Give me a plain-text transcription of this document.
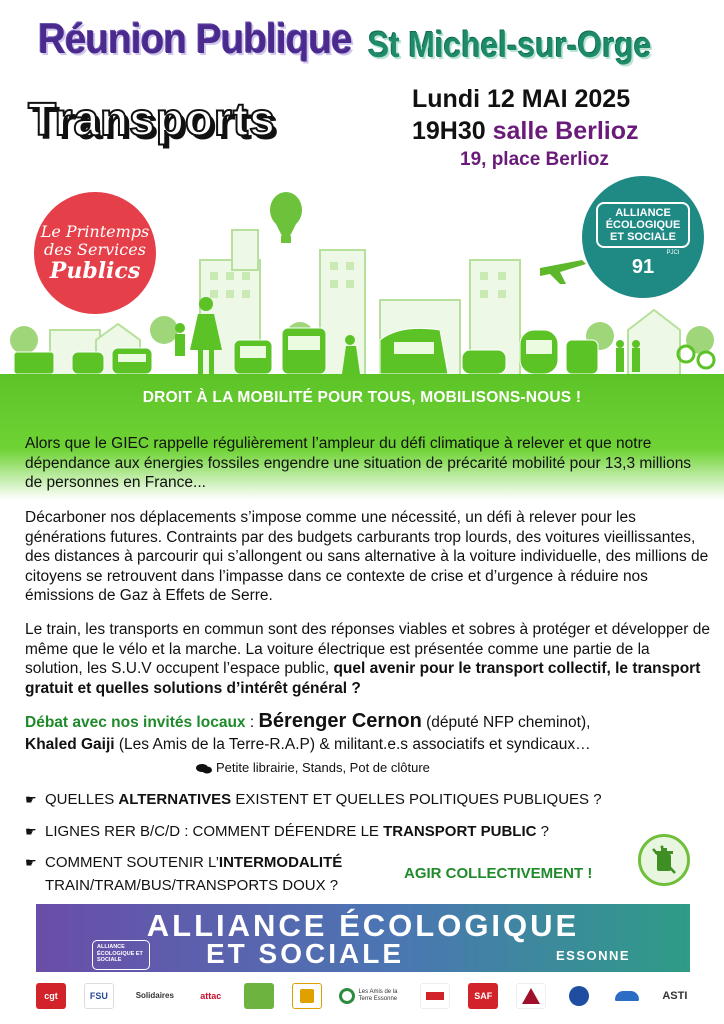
Réunion Publique
Transports
St Michel-sur-Orge
Lundi 12 MAI 2025
19H30 salle Berlioz
19, place Berlioz
Le Printemps
des Services
Publics
ALLIANCE
ÉCOLOGIQUE
ET SOCIALE
PJCI
91
DROIT À LA MOBILITÉ POUR TOUS, MOBILISONS-NOUS !

Alors que le GIEC rappelle régulièrement l’ampleur du défi climatique à relever et que notre dépendance aux énergies fossiles engendre une situation de précarité mobilité pour 13,3 millions de personnes en France...

Décarboner nos déplacements s’impose comme une nécessité, un défi à relever pour les générations futures. Contraints par des budgets carburants trop lourds, des voitures vieillissantes, des distances à parcourir qui s’allongent ou sans alternative à la voiture individuelle, des millions de citoyens se retrouvent dans l’impasse dans ce contexte de crise et d’urgence à réduire nos émissions de Gaz à Effets de Serre.

Le train, les transports en commun sont des réponses viables et sobres à protéger et développer de même que le vélo et la marche. La voiture électrique est présentée comme une partie de la solution, les S.U.V occupent l’espace public, quel avenir pour le transport collectif, le transport gratuit et quelles solutions d’intérêt général ?

Débat avec nos invités locaux : Bérenger Cernon (député NFP cheminot),
Khaled Gaiji (Les Amis de la Terre-R.A.P) & militant.e.s associatifs et syndicaux…

Petite librairie, Stands, Pot de clôture
☛ QUELLES ALTERNATIVES EXISTENT ET QUELLES POLITIQUES PUBLIQUES ?
☛ LIGNES RER B/C/D : COMMENT DÉFENDRE LE TRANSPORT PUBLIC ?
☛ COMMENT SOUTENIR L’INTERMODALITÉ
TRAIN/TRAM/BUS/TRANSPORTS DOUX ?
AGIR COLLECTIVEMENT !
ALLIANCE ÉCOLOGIQUE
ALLIANCE ÉCOLOGIQUE ET SOCIALE	ET SOCIALE	ESSONNE
cgt	FSU	Solidaires	attac	Les Amis de la Terre Essonne	SAF	ASTI
